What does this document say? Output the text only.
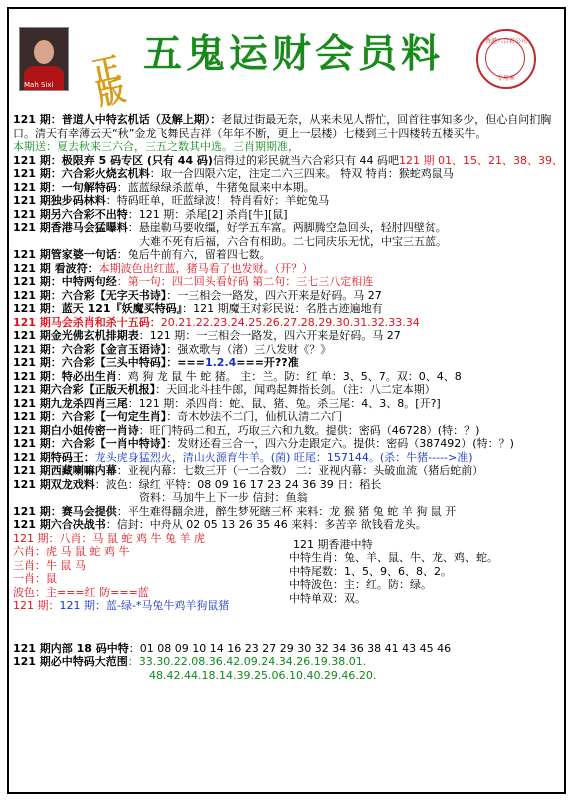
Mah Sixi 正版
五鬼运财会员料	香港六合彩公司
专用章
121 期：普道人中特玄机话（及解上期）：老鼠过街最无奈，从来未见人帮忙，回首往事知多少，但心自问扪胸口。清天有幸薄云天“秋”金龙飞舞民吉祥（年年不断，更上一层楼）七楼到三十四楼转五楼买牛。
本期送：夏去秋来三六合，三五之数其中选。三肖期期准，
121 期：极限弃 5 码专区 (只有 44 码)信得过的彩民就当六合彩只有 44 码吧121 期 01、15、21、38、39、
121 期：六合彩火烧玄机料：取一合四限六定，注定二六三四来。 特双 特肖：猴蛇鸡鼠马
121 期：一句解特码：蓝蓝绿绿杀蓝单，牛猪兔鼠来中本期。
121 期独步码林料：特码旺单，旺蓝绿波！ 特肖看好：羊蛇兔马
121 期另六合彩不出特：121 期：杀尾[2] 杀肖[牛][鼠]
121 期香港马会猛曝料：悬崖勒马要收缰，好学五车富。两脚腾空急回头，轻肘四壁贫。
大难不死有后福，六合有相助。二七同庆乐无忧，中宝三五蓝。
121 期管家婆一句话：兔后牛前有六，留着四七数。
121 期 看波符：本期波色出红蓝，猪马看了也发财。（开？）
121 期：中特两句经：第一句：四二回头看好码 第二句：三七三八定相连
121 期：六合彩【无字天书诗】：一三相会一路发，四六开来是好码。马 27
121 期：蓝天 121『妖魔买特码』：121 期魔王对彩民说：名胜古迹遍地有
121 期马会杀肖和杀十五码：20.21.22.23.24.25.26.27.28.29.30.31.32.33.34
121 期金光佛玄机排期表：121 期：一三相会一路发，四六开来是好码。马 27
121 期：六合彩【金言玉语诗】：强欢歌与（渚）三八发财《？》
121 期：六合彩【三头中特码】：===1.2.4===开??准
121 期：特必出生肖：鸡 狗 龙 鼠 牛 蛇 猪。 主：兰。防：红 单：3、5、7。双：0、4、8
121 期六合彩【正版天机报】：天回北斗挂牛郎，闻鸡起舞指长剑。（注：八二定本期）
121 期九龙杀四肖三尾：121 期：杀四肖：蛇、鼠、猪、兔。杀三尾：4、3、8。[开?]
121 期：六合彩【一句定生肖】：奇木妙法不二门，仙机认清二六门
121 期白小姐传密一肖诗：旺门特码二和五，巧取三六和九数。提供：密码（46728）(特：？)
121 期：六合彩【一肖中特诗】：发财还看三合一，四六分走跟定六。提供：密码（387492）(特：？)
121 期特码王：龙头虎身猛烈火，清山火源育牛羊。(菌) 旺尾：157144。(杀：牛猪----->准)
121 期西藏喇嘛内幕：亚视内幕：七数三开（一二合数） 二：亚视内幕：头破血流（猪后蛇前）
121 期双龙戏料：波色：绿红 平特：08 09 16 17 23 24 36 39 日：稻长
资料：马加牛上下一步 信封：鱼翁
121 期：赛马会提供：平生难得翻余进，醉生梦死瞎三杯 来料：龙 猴 猪 兔 蛇 羊 狗 鼠 开
121 期六合决战书：信封：中舟从 02 05 13 26 35 46 来料：多苦辛 欲钱看龙头。
121 期：八肖：马 鼠 蛇 鸡 牛 兔 羊 虎
六肖：虎 马 鼠 蛇 鸡 牛
三肖：牛 鼠 马
一肖：鼠
波色：主===红 防===蓝
121 期：121 期：蓝-绿-*马兔牛鸡羊狗鼠猪
121 期香港中特
中特生肖：兔、羊、鼠、牛、龙、鸡、蛇。
中特尾数：1、5、9、6、8、2。
中特波色：主：红。防：绿。
中特单双：双。
121 期内部 18 码中特：01 08 09 10 14 16 23 27 29 30 32 34 36 38 41 43 45 46
121 期必中特码大范围：33.30.22.08.36.42.09.24.34.26.19.38.01.
48.42.44.18.14.39.25.06.10.40.29.46.20.
